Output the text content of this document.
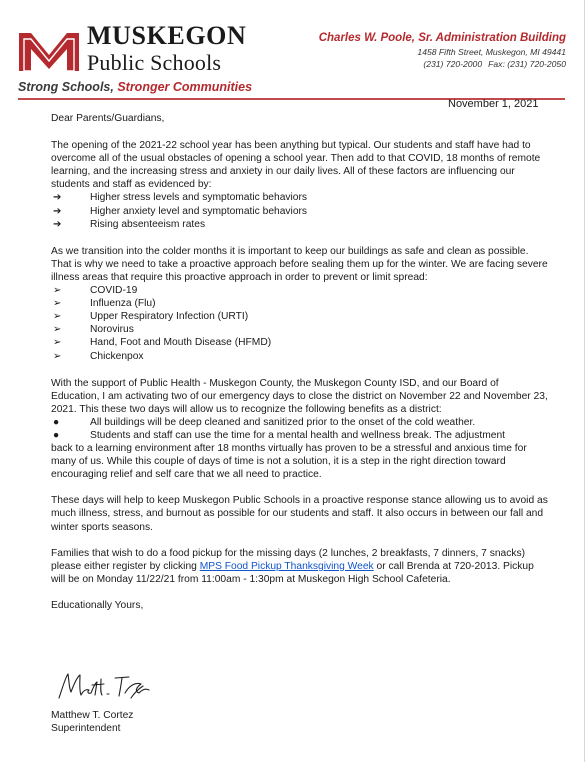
MUSKEGON
Public Schools
Strong Schools, Stronger Communities
Charles W. Poole, Sr. Administration Building
1458 Fifth Street, Muskegon, MI 49441
(231) 720-2000 Fax: (231) 720-2050
November 1, 2021

Dear Parents/Guardians,

The opening of the 2021-22 school year has been anything but typical. Our students and staff have had to overcome all of the usual obstacles of opening a school year. Then add to that COVID, 18 months of remote learning, and the increasing stress and anxiety in our daily lives. All of these factors are influencing our students and staff as evidenced by:

➔	Higher stress levels and symptomatic behaviors
➔	Higher anxiety level and symptomatic behaviors
➔	Rising absenteeism rates

As we transition into the colder months it is important to keep our buildings as safe and clean as possible. That is why we need to take a proactive approach before sealing them up for the winter. We are facing severe illness areas that require this proactive approach in order to prevent or limit spread:

➢	COVID-19
➢	Influenza (Flu)
➢	Upper Respiratory Infection (URTI)
➢	Norovirus
➢	Hand, Foot and Mouth Disease (HFMD)
➢	Chickenpox

With the support of Public Health - Muskegon County, the Muskegon County ISD, and our Board of Education, I am activating two of our emergency days to close the district on November 22 and November 23, 2021. This these two days will allow us to recognize the following benefits as a district:

●	All buildings will be deep cleaned and sanitized prior to the onset of the cold weather.
●	Students and staff can use the time for a mental health and wellness break. The adjustment
back to a learning environment after 18 months virtually has proven to be a stressful and anxious time for many of us. While this couple of days of time is not a solution, it is a step in the right direction toward encouraging relief and self care that we all need to practice.

These days will help to keep Muskegon Public Schools in a proactive response stance allowing us to avoid as much illness, stress, and burnout as possible for our students and staff. It also occurs in between our fall and winter sports seasons.

Families that wish to do a food pickup for the missing days (2 lunches, 2 breakfasts, 7 dinners, 7 snacks) please either register by clicking MPS Food Pickup Thanksgiving Week or call Brenda at 720-2013. Pickup will be on Monday 11/22/21 from 11:00am - 1:30pm at Muskegon High School Cafeteria.

Educationally Yours,

Matthew T. Cortez
Superintendent
